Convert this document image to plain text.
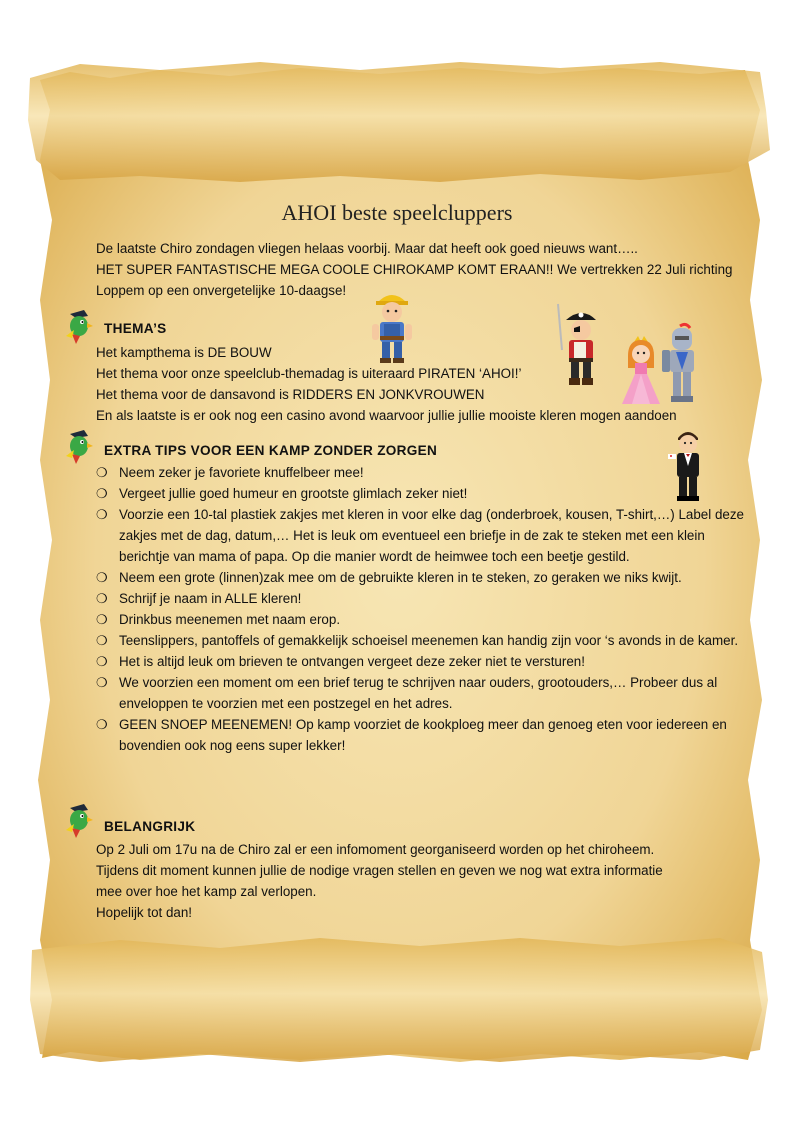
AHOI beste speelcluppers
De laatste Chiro zondagen vliegen helaas voorbij. Maar dat heeft ook goed nieuws want…..
HET SUPER FANTASTISCHE MEGA COOLE CHIROKAMP KOMT ERAAN!! We vertrekken 22 Juli richting
Loppem op een onvergetelijke 10-daagse!
THEMA’S
Het kampthema is DE BOUW
Het thema voor onze speelclub-themadag is uiteraard PIRATEN ‘AHOI!’
Het thema voor de dansavond is RIDDERS EN JONKVROUWEN
En als laatste is er ook nog een casino avond waarvoor jullie jullie mooiste kleren mogen aandoen
EXTRA TIPS VOOR EEN KAMP ZONDER ZORGEN
❍ Neem zeker je favoriete knuffelbeer mee!
❍ Vergeet jullie goed humeur en grootste glimlach zeker niet!
❍ Voorzie een 10-tal plastiek zakjes met kleren in voor elke dag (onderbroek, kousen, T-shirt,…) Label deze zakjes met de dag, datum,… Het is leuk om eventueel een briefje in de zak te steken met een klein berichtje van mama of papa. Op die manier wordt de heimwee toch een beetje gestild.
❍ Neem een grote (linnen)zak mee om de gebruikte kleren in te steken, zo geraken we niks kwijt.
❍ Schrijf je naam in ALLE kleren!
❍ Drinkbus meenemen met naam erop.
❍ Teenslippers, pantoffels of gemakkelijk schoeisel meenemen kan handig zijn voor ‘s avonds in de kamer.
❍ Het is altijd leuk om brieven te ontvangen vergeet deze zeker niet te versturen!
❍ We voorzien een moment om een brief terug te schrijven naar ouders, grootouders,… Probeer dus al enveloppen te voorzien met een postzegel en het adres.
❍ GEEN SNOEP MEENEMEN! Op kamp voorziet de kookploeg meer dan genoeg eten voor iedereen en bovendien ook nog eens super lekker!
BELANGRIJK
Op 2 Juli om 17u na de Chiro zal er een infomoment georganiseerd worden op het chiroheem.
Tijdens dit moment kunnen jullie de nodige vragen stellen en geven we nog wat extra informatie
mee over hoe het kamp zal verlopen.
Hopelijk tot dan!
